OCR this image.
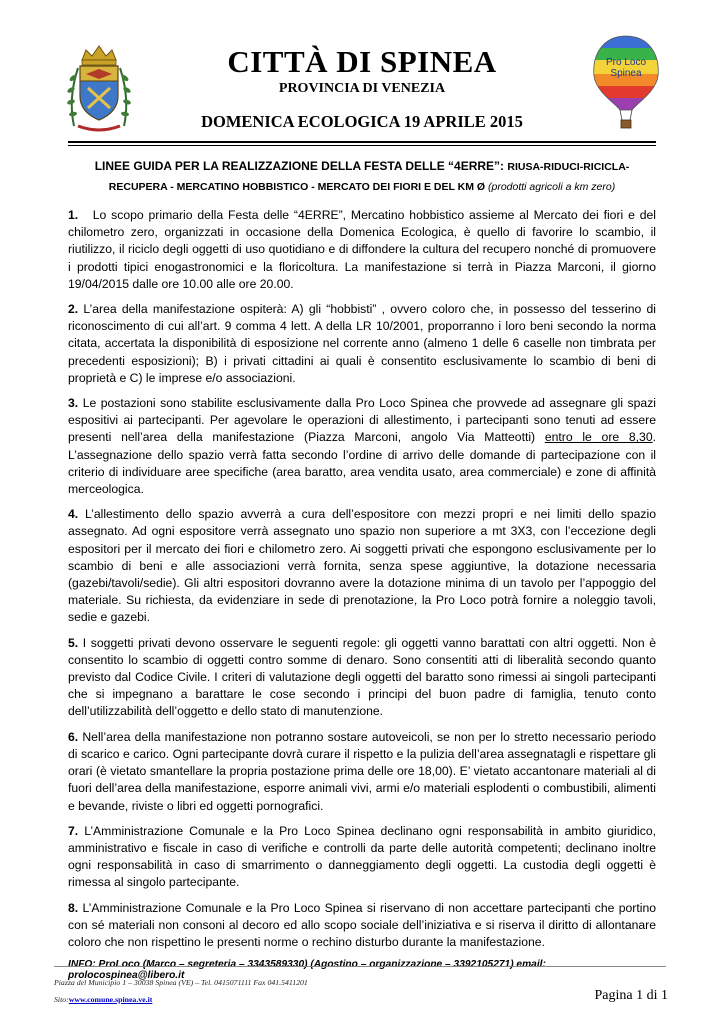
CITTÀ DI SPINEA
PROVINCIA DI VENEZIA
DOMENICA ECOLOGICA 19 APRILE 2015
Pro Loco
Spinea
LINEE GUIDA PER LA REALIZZAZIONE DELLA FESTA DELLE “4ERRE”: RIUSA-RIDUCI-RICICLA-
RECUPERA - MERCATINO HOBBISTICO - MERCATO DEI FIORI E DEL KM Ø (prodotti agricoli a km zero)

1. Lo scopo primario della Festa delle “4ERRE”, Mercatino hobbistico assieme al Mercato dei fiori e del chilometro zero, organizzati in occasione della Domenica Ecologica, è quello di favorire lo scambio, il riutilizzo, il riciclo degli oggetti di uso quotidiano e di diffondere la cultura del recupero nonché di promuovere i prodotti tipici enogastronomici e la floricoltura. La manifestazione si terrà in Piazza Marconi, il giorno 19/04/2015 dalle ore 10.00 alle ore 20.00.

2. L’area della manifestazione ospiterà: A) gli “hobbisti” , ovvero coloro che, in possesso del tesserino di riconoscimento di cui all’art. 9 comma 4 lett. A della LR 10/2001, proporranno i loro beni secondo la norma citata, accertata la disponibilità di esposizione nel corrente anno (almeno 1 delle 6 caselle non timbrata per precedenti esposizioni); B) i privati cittadini ai quali è consentito esclusivamente lo scambio di beni di proprietà e C) le imprese e/o associazioni.

3. Le postazioni sono stabilite esclusivamente dalla Pro Loco Spinea che provvede ad assegnare gli spazi espositivi ai partecipanti. Per agevolare le operazioni di allestimento, i partecipanti sono tenuti ad essere presenti nell’area della manifestazione (Piazza Marconi, angolo Via Matteotti) entro le ore 8,30. L’assegnazione dello spazio verrà fatta secondo l’ordine di arrivo delle domande di partecipazione con il criterio di individuare aree specifiche (area baratto, area vendita usato, area commerciale) e zone di affinità merceologica.

4. L’allestimento dello spazio avverrà a cura dell’espositore con mezzi propri e nei limiti dello spazio assegnato. Ad ogni espositore verrà assegnato uno spazio non superiore a mt 3X3, con l’eccezione degli espositori per il mercato dei fiori e chilometro zero. Ai soggetti privati che espongono esclusivamente per lo scambio di beni e alle associazioni verrà fornita, senza spese aggiuntive, la dotazione necessaria (gazebi/tavoli/sedie). Gli altri espositori dovranno avere la dotazione minima di un tavolo per l’appoggio del materiale. Su richiesta, da evidenziare in sede di prenotazione, la Pro Loco potrà fornire a noleggio tavoli, sedie e gazebi.

5. I soggetti privati devono osservare le seguenti regole: gli oggetti vanno barattati con altri oggetti. Non è consentito lo scambio di oggetti contro somme di denaro. Sono consentiti atti di liberalità secondo quanto previsto dal Codice Civile. I criteri di valutazione degli oggetti del baratto sono rimessi ai singoli partecipanti che si impegnano a barattare le cose secondo i principi del buon padre di famiglia, tenuto conto dell’utilizzabilità dell’oggetto e dello stato di manutenzione.

6. Nell’area della manifestazione non potranno sostare autoveicoli, se non per lo stretto necessario periodo di scarico e carico. Ogni partecipante dovrà curare il rispetto e la pulizia dell’area assegnatagli e rispettare gli orari (è vietato smantellare la propria postazione prima delle ore 18,00). E’ vietato accantonare materiali al di fuori dell’area della manifestazione, esporre animali vivi, armi e/o materiali esplodenti o combustibili, alimenti e bevande, riviste o libri ed oggetti pornografici.

7. L’Amministrazione Comunale e la Pro Loco Spinea declinano ogni responsabilità in ambito giuridico, amministrativo e fiscale in caso di verifiche e controlli da parte delle autorità competenti; declinano inoltre ogni responsabilità in caso di smarrimento o danneggiamento degli oggetti. La custodia degli oggetti è rimessa al singolo partecipante.

8. L’Amministrazione Comunale e la Pro Loco Spinea si riservano di non accettare partecipanti che portino con sé materiali non consoni al decoro ed allo scopo sociale dell’iniziativa e si riserva il diritto di allontanare coloro che non rispettino le presenti norme o rechino disturbo durante la manifestazione.

INFO: ProLoco (Marco – segreteria – 3343589330) (Agostino – organizzazione – 3392105271) email: prolocospinea@libero.it
Piazza del Municipio 1 – 30038 Spinea (VE) – Tel. 0415071111 Fax 041.5411201
Sito:www.comune.spinea.ve.it	Pagina 1 di 1
